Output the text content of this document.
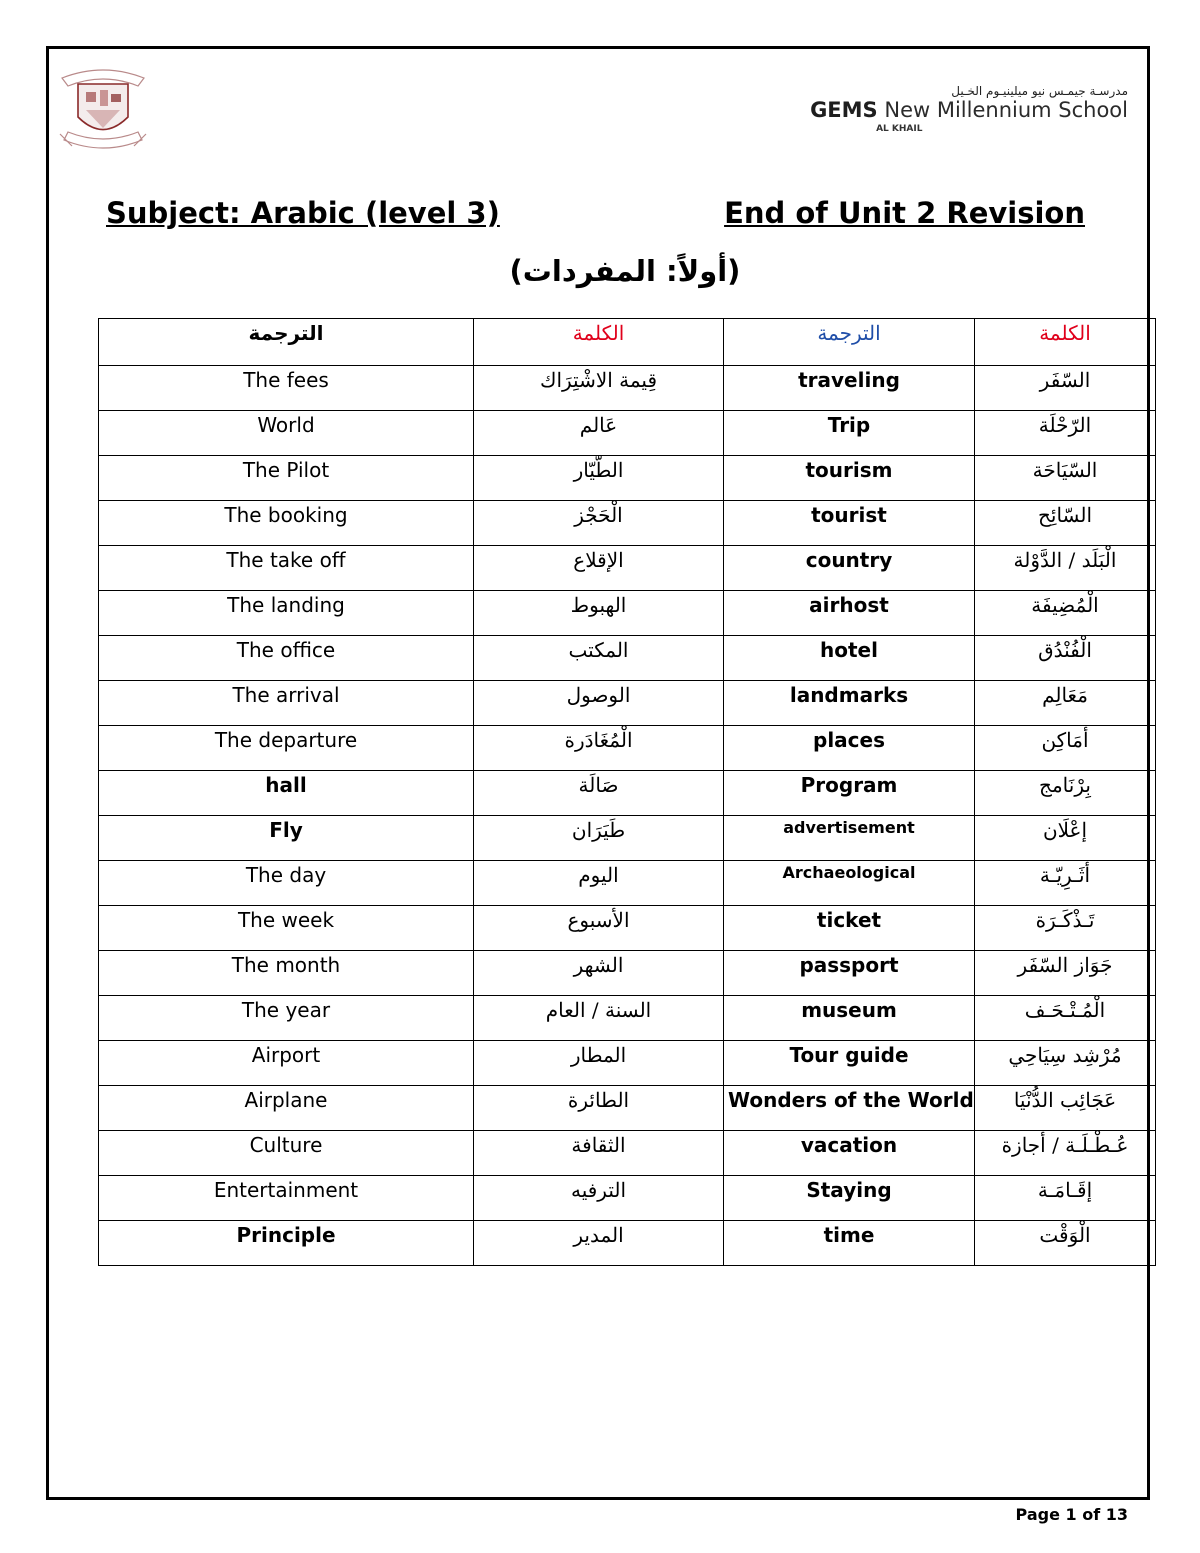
مدرسـة جيمـس نيو ميلينيـوم الخـيل
GEMS New Millennium School
AL KHAIL
Subject: Arabic (level 3)	End of Unit 2 Revision
(أولاً: المفردات)
الترجمة	الكلمة	الترجمة	الكلمة
The fees	قِيمة الاشْتِرَاك	traveling	السّفَر
World	عَالم	Trip	الرّحْلَة
The Pilot	الطّيّار	tourism	السّيَاحَة
The booking	الْحَجْز	tourist	السّائِح
The take off	الإقلاع	country	الْبَلَد / الدَّوْلة
The landing	الهبوط	airhost	الْمُضِيفَة
The office	المكتب	hotel	الْفُنْدُق
The arrival	الوصول	landmarks	مَعَالِم
The departure	الْمُغَادَرة	places	أمَاكِن
hall	صَالَة	Program	بِرْنَامج
Fly	طَيَرَان	advertisement	إعْلَان
The day	اليوم	Archaeological	أثَـرِيّـة
The week	الأسبوع	ticket	تَـذْكَـرَة
The month	الشهر	passport	جَوَاز السّفَر
The year	السنة / العام	museum	الْمُـتْـحَـف
Airport	المطار	Tour guide	مُرْشِد سِيَاحِي
Airplane	الطائرة	Wonders of the World	عَجَائِب الدُّنْيَا
Culture	الثقافة	vacation	عُـطْـلَـة / أجازة
Entertainment	الترفيه	Staying	إقَـامَـة
Principle	المدير	time	الْوَقْت
Page 1 of 13
